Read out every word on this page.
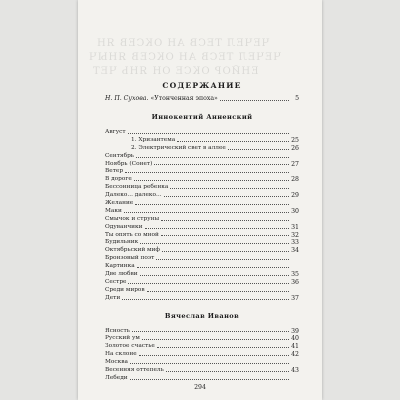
ЧЕЧЕЛ ТЕСВ АН ОКСЕВ ЯН
ЧЕЧЕЛ ТЕСВ АН ОКСЕВ ЯНЫЧ
ЕНЙОР ОКСЕ ОН ЯНЬ ЧЕТ
СОДЕРЖАНИЕ
Н. П. Сухова. «Утонченная эпоха»	5
Иннокентий Анненский
Август
1. Хризантема	25
2. Электрический свет в аллее	26
Сентябрь
Ноябрь (Сонет)	27
Ветер
В дороге	28
Бессонница ребенка
Далеко... далеко...	29
Желание
Маки	30
Смычок и струны
Одуванчики	31
Ты опять со мной	32
Будильник	33
Октябрьский миф	34
Бронзовый поэт
Картинка
Две любви	35
Сестре	36
Среди миров
Дети	37
Вячеслав Иванов
Ясность	39
Русский ум	40
Золотое счастье	41
На склоне	42
Москва
Весенняя оттепель	43
Лебеди
294
